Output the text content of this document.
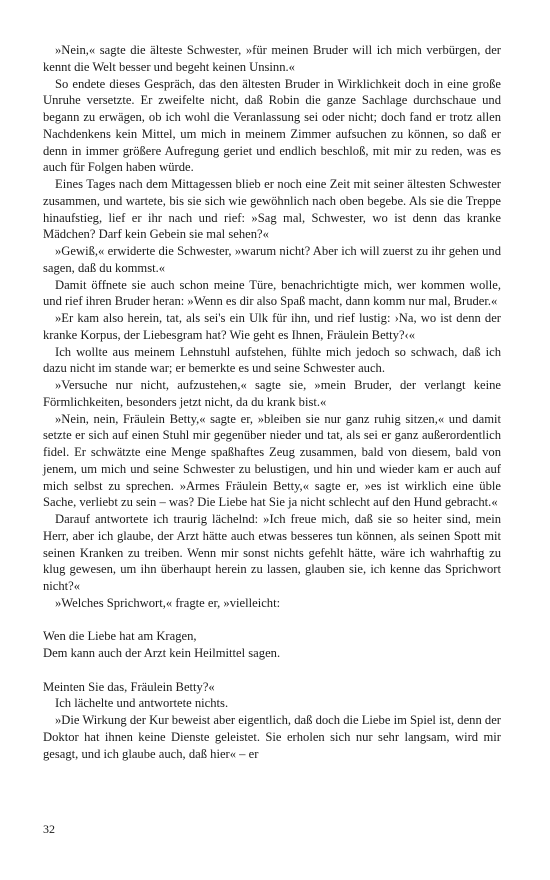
»Nein,« sagte die älteste Schwester, »für meinen Bruder will ich mich verbürgen, der kennt die Welt besser und begeht keinen Unsinn.«

So endete dieses Gespräch, das den ältesten Bruder in Wirklichkeit doch in eine große Unruhe versetzte. Er zweifelte nicht, daß Robin die ganze Sachlage durchschaue und begann zu erwägen, ob ich wohl die Veranlassung sei oder nicht; doch fand er trotz allen Nachdenkens kein Mittel, um mich in meinem Zimmer aufsuchen zu können, so daß er denn in immer größere Aufregung geriet und endlich beschloß, mit mir zu reden, was es auch für Folgen haben würde.

Eines Tages nach dem Mittagessen blieb er noch eine Zeit mit seiner ältesten Schwester zusammen, und wartete, bis sie sich wie gewöhnlich nach oben begebe. Als sie die Treppe hinaufstieg, lief er ihr nach und rief: »Sag mal, Schwester, wo ist denn das kranke Mädchen? Darf kein Gebein sie mal sehen?«

»Gewiß,« erwiderte die Schwester, »warum nicht? Aber ich will zuerst zu ihr gehen und sagen, daß du kommst.«

Damit öffnete sie auch schon meine Türe, benachrichtigte mich, wer kommen wolle, und rief ihren Bruder heran: »Wenn es dir also Spaß macht, dann komm nur mal, Bruder.«

»Er kam also herein, tat, als sei's ein Ulk für ihn, und rief lustig: ›Na, wo ist denn der kranke Korpus, der Liebesgram hat? Wie geht es Ihnen, Fräulein Betty?‹«

Ich wollte aus meinem Lehnstuhl aufstehen, fühlte mich jedoch so schwach, daß ich dazu nicht im stande war; er bemerkte es und seine Schwester auch.

»Versuche nur nicht, aufzustehen,« sagte sie, »mein Bruder, der verlangt keine Förmlichkeiten, besonders jetzt nicht, da du krank bist.«

»Nein, nein, Fräulein Betty,« sagte er, »bleiben sie nur ganz ruhig sitzen,« und damit setzte er sich auf einen Stuhl mir gegenüber nieder und tat, als sei er ganz außerordentlich fidel. Er schwätzte eine Menge spaßhaftes Zeug zusammen, bald von diesem, bald von jenem, um mich und seine Schwester zu belustigen, und hin und wieder kam er auch auf mich selbst zu sprechen. »Armes Fräulein Betty,« sagte er, »es ist wirklich eine üble Sache, verliebt zu sein – was? Die Liebe hat Sie ja nicht schlecht auf den Hund gebracht.«

Darauf antwortete ich traurig lächelnd: »Ich freue mich, daß sie so heiter sind, mein Herr, aber ich glaube, der Arzt hätte auch etwas besseres tun können, als seinen Spott mit seinen Kranken zu treiben. Wenn mir sonst nichts gefehlt hätte, wäre ich wahrhaftig zu klug gewesen, um ihn überhaupt herein zu lassen, glauben sie, ich kenne das Sprichwort nicht?«

»Welches Sprichwort,« fragte er, »vielleicht:

Wen die Liebe hat am Kragen,
Dem kann auch der Arzt kein Heilmittel sagen.

Meinten Sie das, Fräulein Betty?«

Ich lächelte und antwortete nichts.

»Die Wirkung der Kur beweist aber eigentlich, daß doch die Liebe im Spiel ist, denn der Doktor hat ihnen keine Dienste geleistet. Sie erholen sich nur sehr langsam, wird mir gesagt, und ich glaube auch, daß hier« – er

32
